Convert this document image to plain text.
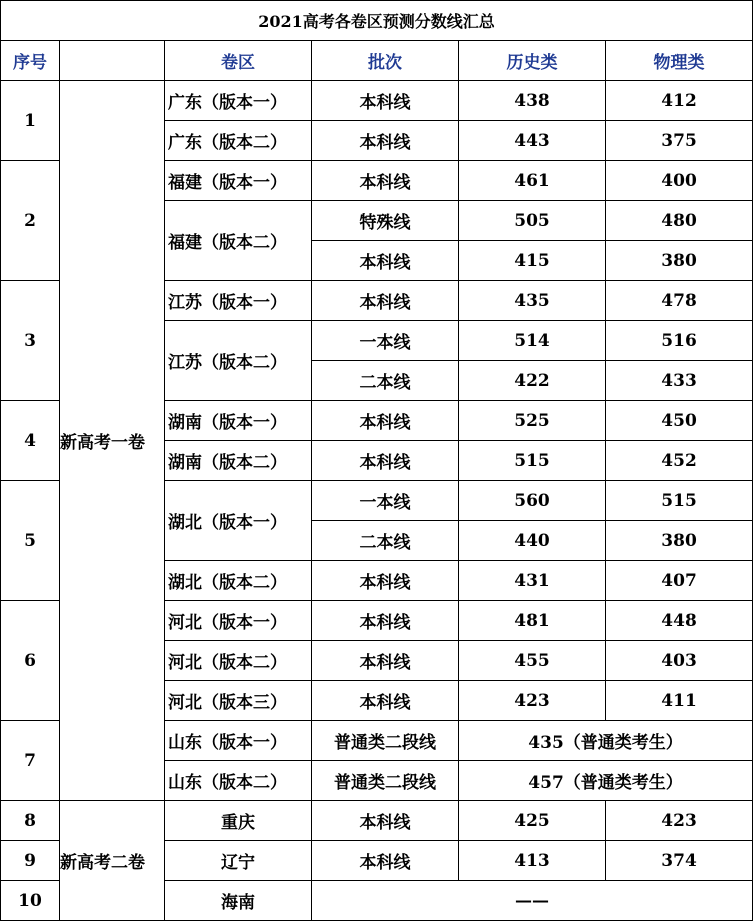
2021高考各卷区预测分数线汇总					
序号		卷区	批次	历史类	物理类
1	新高考一卷	广东（版本一）	本科线	438	412
		广东（版本二）	本科线	443	375
2		福建（版本一）	本科线	461	400
		福建（版本二）	特殊线	505	480
			本科线	415	380
3		江苏（版本一）	本科线	435	478
		江苏（版本二）	一本线	514	516
			二本线	422	433
4		湖南（版本一）	本科线	525	450
		湖南（版本二）	本科线	515	452
5		湖北（版本一）	一本线	560	515
			二本线	440	380
		湖北（版本二）	本科线	431	407
6		河北（版本一）	本科线	481	448
		河北（版本二）	本科线	455	403
		河北（版本三）	本科线	423	411
7		山东（版本一）	普通类二段线	435（普通类考生）	
		山东（版本二）	普通类二段线	457（普通类考生）	
8	新高考二卷	重庆	本科线	425	423
9		辽宁	本科线	413	374
10		海南	——		
